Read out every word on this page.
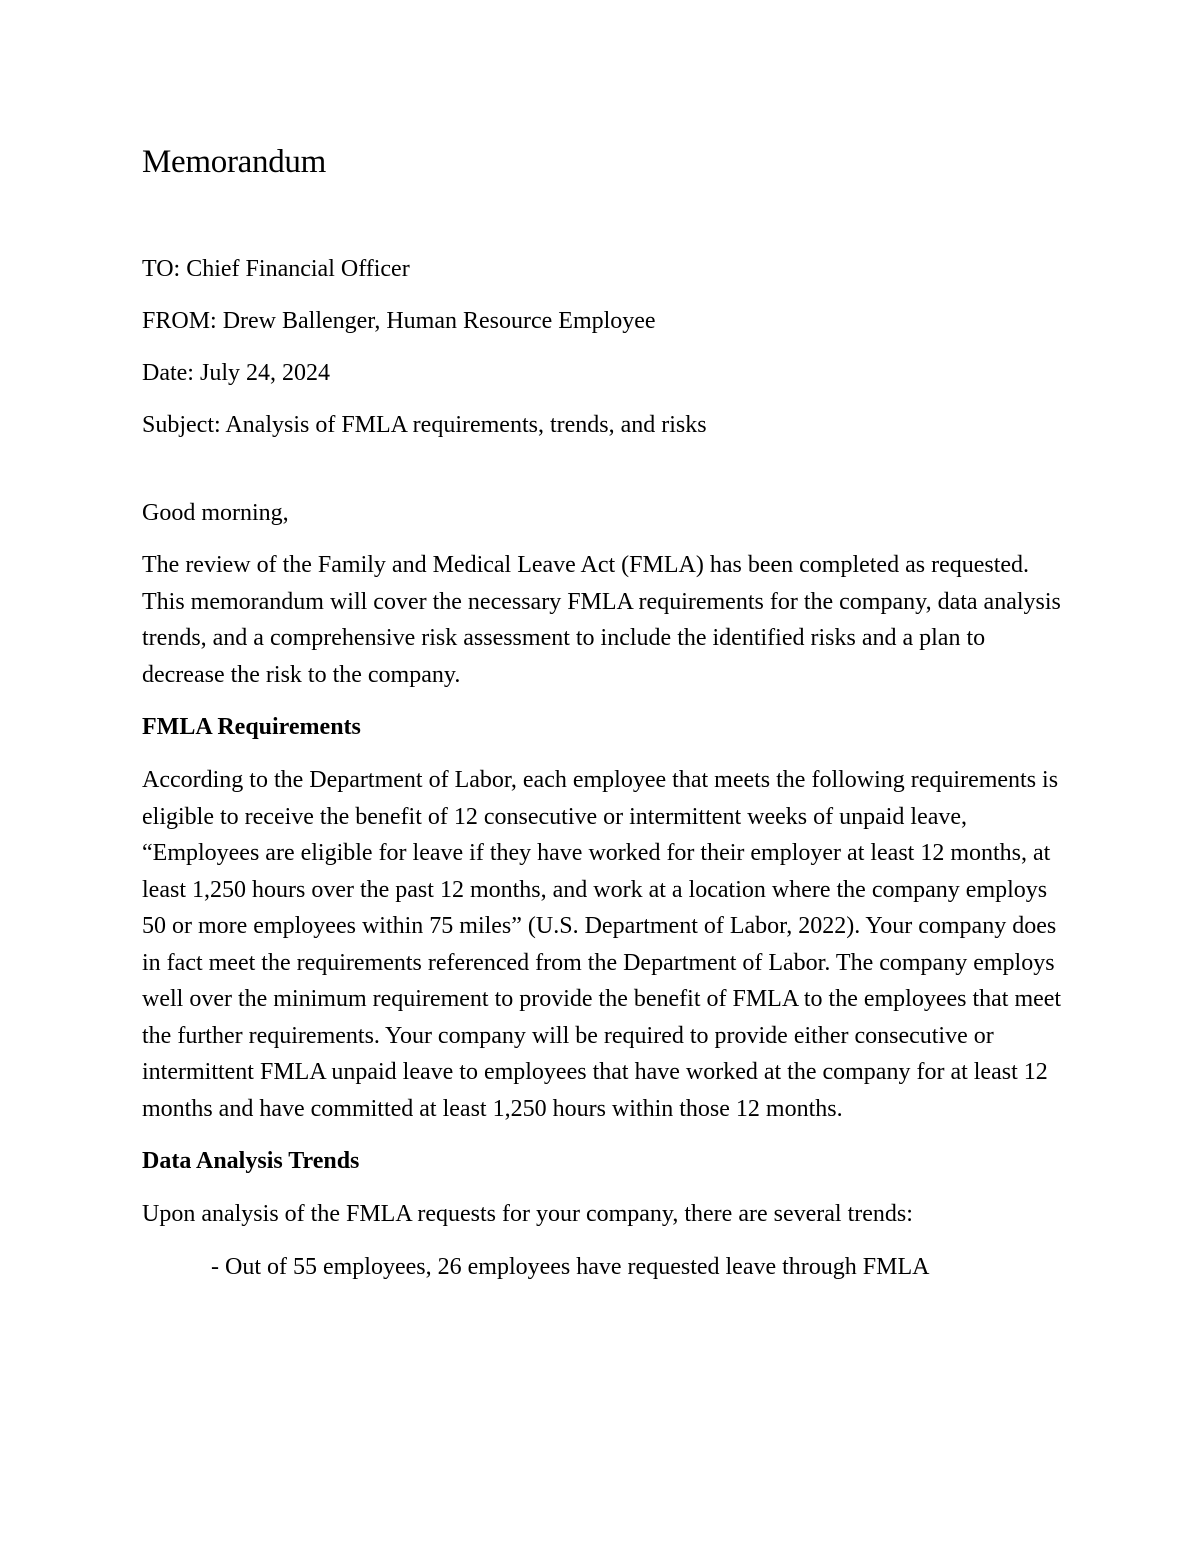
Memorandum

TO: Chief Financial Officer

FROM: Drew Ballenger, Human Resource Employee

Date: July 24, 2024

Subject: Analysis of FMLA requirements, trends, and risks

Good morning,

The review of the Family and Medical Leave Act (FMLA) has been completed as requested. This memorandum will cover the necessary FMLA requirements for the company, data analysis trends, and a comprehensive risk assessment to include the identified risks and a plan to decrease the risk to the company.

FMLA Requirements

According to the Department of Labor, each employee that meets the following requirements is eligible to receive the benefit of 12 consecutive or intermittent weeks of unpaid leave, “Employees are eligible for leave if they have worked for their employer at least 12 months, at least 1,250 hours over the past 12 months, and work at a location where the company employs 50 or more employees within 75 miles” (U.S. Department of Labor, 2022). Your company does in fact meet the requirements referenced from the Department of Labor. The company employs well over the minimum requirement to provide the benefit of FMLA to the employees that meet the further requirements. Your company will be required to provide either consecutive or intermittent FMLA unpaid leave to employees that have worked at the company for at least 12 months and have committed at least 1,250 hours within those 12 months.

Data Analysis Trends

Upon analysis of the FMLA requests for your company, there are several trends:

- Out of 55 employees, 26 employees have requested leave through FMLA
